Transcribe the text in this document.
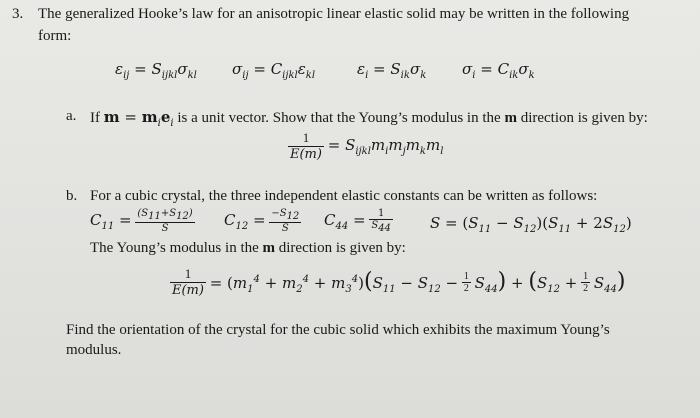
3. The generalized Hooke’s law for an anisotropic linear elastic solid may be written in the following
form:
$\varepsilon_{ij} = S_{ijkl}\sigma_{kl}$ $\sigma_{ij} = C_{ijkl}\varepsilon_{kl}$	$\varepsilon_i = S_{ik}\sigma_k$ $\sigma_i = C_{ik}\sigma_k$
a. If $m = m_ie_i$ is a unit vector. Show that the Young’s modulus in the m direction is given by:
$\frac{1}{E(m)} = S_{ijkl}m_im_jm_km_l$
b. For a cubic crystal, the three independent elastic constants can be written as follows:
$C_{11} = \frac{(S_{11}+S_{12})}{S} C_{12} = \frac{-S_{12}}{S} C_{44} = \frac{1}{S_{44}}$ $S = (S_{11} - S_{12})(S_{11} + 2S_{12})$
The Young’s modulus in the m direction is given by:
$\frac{1}{E(m)} = (m_1^4 + m_2^4 + m_3^4)(S_{11} - S_{12} - \frac{1}{2} S_{44}) + (S_{12} + \frac{1}{2} S_{44})$
Find the orientation of the crystal for the cubic solid which exhibits the maximum Young’s
modulus.
